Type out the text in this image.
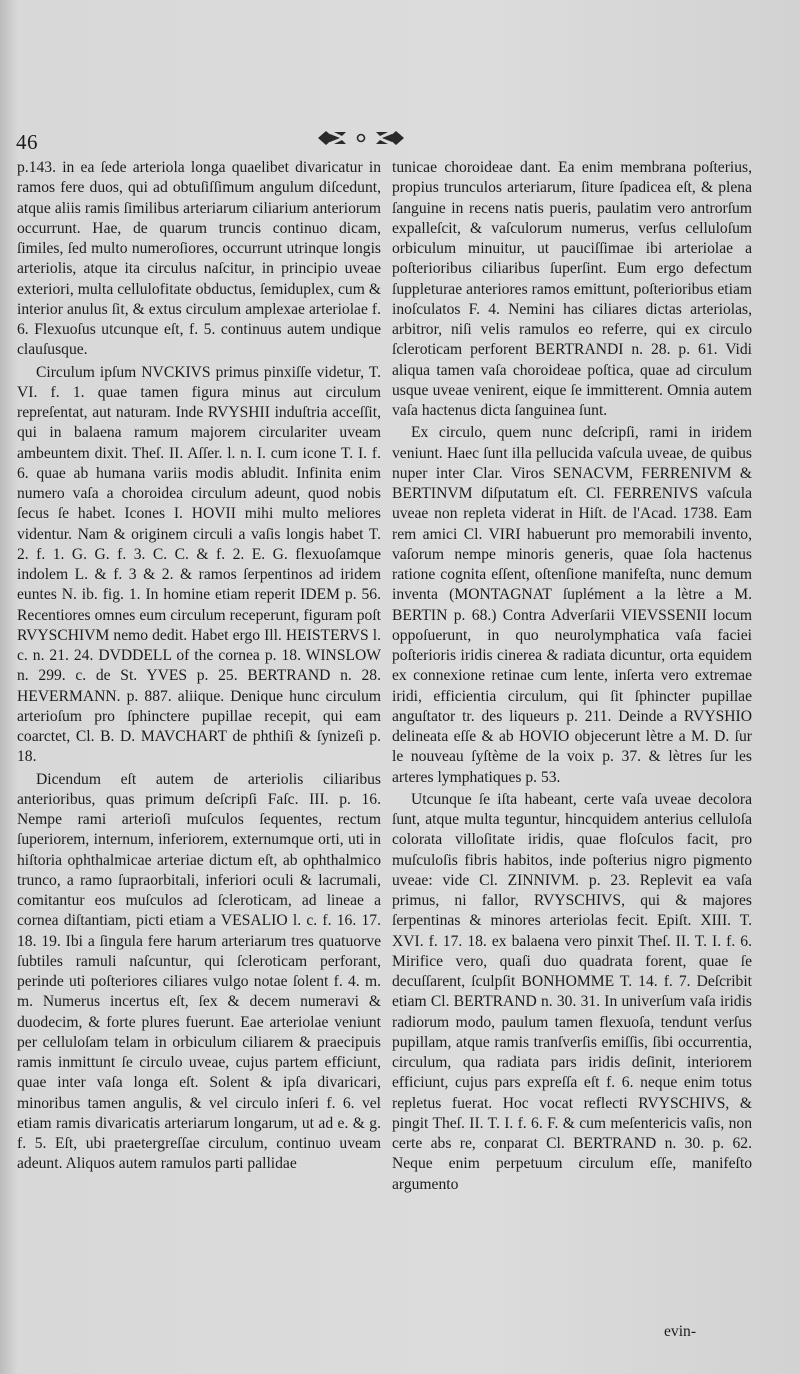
46

p.143. in ea ſede arteriola longa quaelibet divaricatur in ramos fere duos, qui ad obtuſiſſimum angulum diſcedunt, atque aliis ramis ſimilibus arteriarum ciliarium anteriorum occurrunt. Hae, de quarum truncis continuo dicam, ſimiles, ſed multo numeroſiores, occurrunt utrinque longis arteriolis, atque ita circulus naſcitur, in principio uveae exteriori, multa cellulofitate obductus, ſemiduplex, cum & interior anulus ſit, & extus circulum amplexae arteriolae f. 6. Flexuoſus utcunque eſt, f. 5. continuus autem undique clauſusque.

Circulum ipſum NVCKIVS primus pinxiſſe videtur, T. VI. f. 1. quae tamen figura minus aut circulum repreſentat, aut naturam. Inde RVYSHII induſtria acceſſit, qui in balaena ramum majorem circulariter uveam ambeuntem dixit. Theſ. II. Aſſer. l. n. I. cum icone T. I. f. 6. quae ab humana variis modis abludit. Infinita enim numero vaſa a choroidea circulum adeunt, quod nobis ſecus ſe habet. Icones I. HOVII mihi multo meliores videntur. Nam & originem circuli a vaſis longis habet T. 2. f. 1. G. G. f. 3. C. C. & f. 2. E. G. flexuoſamque indolem L. & f. 3 & 2. & ramos ſerpentinos ad iridem euntes N. ib. fig. 1. In homine etiam reperit IDEM p. 56. Recentiores omnes eum circulum receperunt, figuram poſt RVYSCHIVM nemo dedit. Habet ergo Ill. HEISTERVS l. c. n. 21. 24. DVDDELL of the cornea p. 18. WINSLOW n. 299. c. de St. YVES p. 25. BERTRAND n. 28. HEVERMANN. p. 887. aliique. Denique hunc circulum arterioſum pro ſphinctere pupillae recepit, qui eam coarctet, Cl. B. D. MAVCHART de phthiſi & ſynizeſi p. 18.

Dicendum eſt autem de arteriolis ciliaribus anterioribus, quas primum deſcripſi Faſc. III. p. 16. Nempe rami arterioſi muſculos ſequentes, rectum ſuperiorem, internum, inferiorem, externumque orti, uti in hiſtoria ophthalmicae arteriae dictum eſt, ab ophthalmico trunco, a ramo ſupraorbitali, inferiori oculi & lacrumali, comitantur eos muſculos ad ſcleroticam, ad lineae a cornea diſtantiam, picti etiam a VESALIO l. c. f. 16. 17. 18. 19. Ibi a ſingula fere harum arteriarum tres quatuorve ſubtiles ramuli naſcuntur, qui ſcleroticam perforant, perinde uti poſteriores ciliares vulgo notae ſolent f. 4. m. m. Numerus incertus eſt, ſex & decem numeravi & duodecim, & forte plures fuerunt. Eae arteriolae veniunt per celluloſam telam in orbiculum ciliarem & praecipuis ramis inmittunt ſe circulo uveae, cujus partem efficiunt, quae inter vaſa longa eſt. Solent & ipſa divaricari, minoribus tamen angulis, & vel circulo inſeri f. 6. vel etiam ramis divaricatis arteriarum longarum, ut ad e. & g. f. 5. Eſt, ubi praetergreſſae circulum, continuo uveam adeunt. Aliquos autem ramulos parti pallidae

tunicae choroideae dant. Ea enim membrana poſterius, propius trunculos arteriarum, ſiture ſpadicea eſt, & plena ſanguine in recens natis pueris, paulatim vero antrorſum expallеſcit, & vaſculorum numerus, verſus celluloſum orbiculum minuitur, ut pauciſſimae ibi arteriolae a poſterioribus ciliaribus ſuperſint. Eum ergo defectum ſuppleturae anteriores ramos emittunt, poſterioribus etiam inoſculatos F. 4. Nemini has ciliares dictas arteriolas, arbitror, niſi velis ramulos eo referre, qui ex circulo ſcleroticam perforent BERTRANDI n. 28. p. 61. Vidi aliqua tamen vaſa choroideae poſtica, quae ad circulum usque uveae venirent, eique ſe immitterent. Omnia autem vaſa hactenus dicta ſanguinea ſunt.

Ex circulo, quem nunc deſcripſi, rami in iridem veniunt. Haec ſunt illa pellucida vaſcula uveae, de quibus nuper inter Clar. Viros SENACVM, FERRENIVM & BERTINVM diſputatum eſt. Cl. FERRENIVS vaſcula uveae non repleta viderat in Hiſt. de l'Acad. 1738. Eam rem amici Cl. VIRI habuerunt pro memorabili invento, vaſorum nempe minoris generis, quae ſola hactenus ratione cognita eſſent, oſtenſione manifeſta, nunc demum inventa (MONTAGNAT ſuplément a la lètre a M. BERTIN p. 68.) Contra Adverſarii VIEVSSENII locum oppoſuerunt, in quo neurolymphatica vaſa faciei poſterioris iridis cinerea & radiata dicuntur, orta equidem ex connexione retinae cum lente, inſerta vero extremae iridi, efficientia circulum, qui ſit ſphincter pupillae anguſtator tr. des liqueurs p. 211. Deinde a RVYSHIO delineata eſſe & ab HOVIO objecerunt lètre a M. D. ſur le nouveau ſyſtème de la voix p. 37. & lètres ſur les arteres lymphatiques p. 53.

Utcunque ſe iſta habeant, certe vaſa uveae decolora ſunt, atque multa teguntur, hincquidem anterius celluloſa colorata villoſitate iridis, quae floſculos facit, pro muſculoſis fibris habitos, inde poſterius nigro pigmento uveae: vide Cl. ZINNIVM. p. 23. Replevit ea vaſa primus, ni fallor, RVYSCHIVS, qui & majores ſerpentinas & minores arteriolas fecit. Epiſt. XIII. T. XVI. f. 17. 18. ex balaena vero pinxit Theſ. II. T. I. f. 6. Mirifice vero, quaſi duo quadrata forent, quae ſe decuſſarent, ſculpſit BONHOMME T. 14. f. 7. Deſcribit etiam Cl. BERTRAND n. 30. 31. In univerſum vaſa iridis radiorum modo, paulum tamen flexuoſa, tendunt verſus pupillam, atque ramis tranſverſis emiſſis, ſibi occurrentia, circulum, qua radiata pars iridis deſinit, interiorem efficiunt, cujus pars expreſſa eſt f. 6. neque enim totus repletus fuerat. Hoc vocat reflecti RVYSCHIVS, & pingit Theſ. II. T. I. f. 6. F. & cum meſentericis vaſis, non certe abs re, conparat Cl. BERTRAND n. 30. p. 62. Neque enim perpetuum circulum eſſe, manifeſto argumento

evin-
